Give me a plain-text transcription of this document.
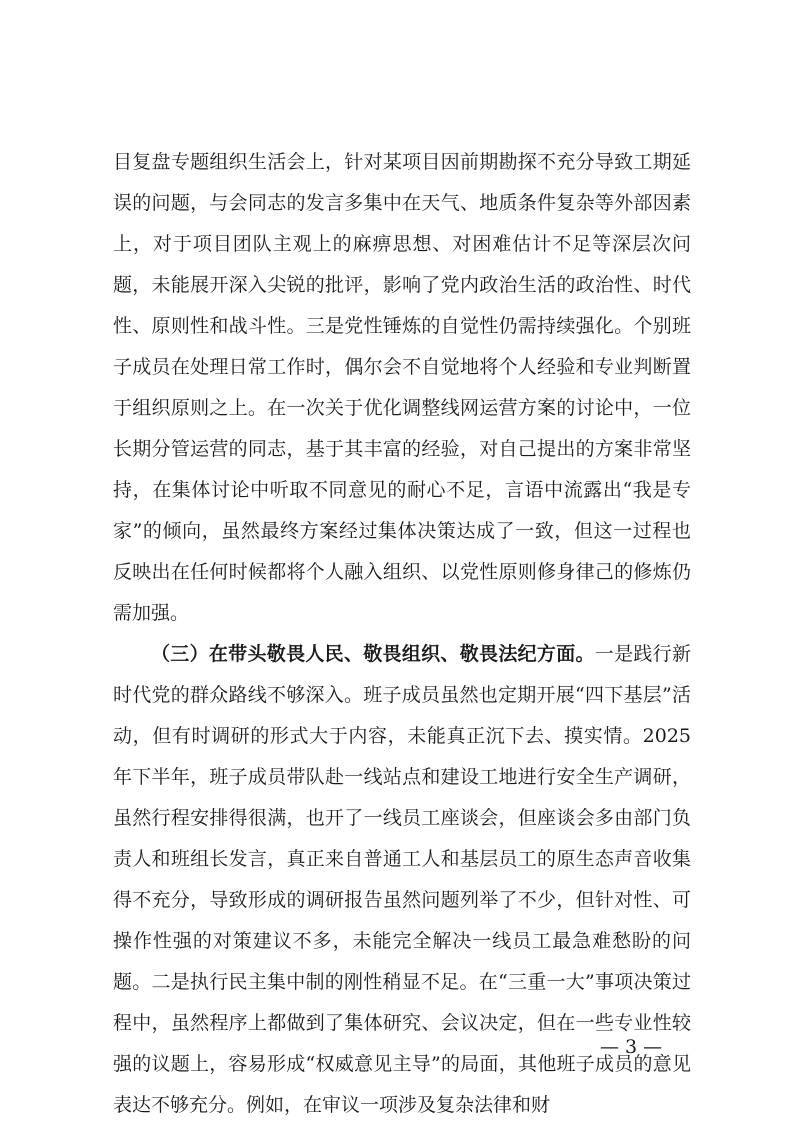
目复盘专题组织生活会上，针对某项目因前期勘探不充分导致工期延误的问题，与会同志的发言多集中在天气、地质条件复杂等外部因素上，对于项目团队主观上的麻痹思想、对困难估计不足等深层次问题，未能展开深入尖锐的批评，影响了党内政治生活的政治性、时代性、原则性和战斗性。三是党性锤炼的自觉性仍需持续强化。个别班子成员在处理日常工作时，偶尔会不自觉地将个人经验和专业判断置于组织原则之上。在一次关于优化调整线网运营方案的讨论中，一位长期分管运营的同志，基于其丰富的经验，对自己提出的方案非常坚持，在集体讨论中听取不同意见的耐心不足，言语中流露出“我是专家”的倾向，虽然最终方案经过集体决策达成了一致，但这一过程也反映出在任何时候都将个人融入组织、以党性原则修身律己的修炼仍需加强。

（三）在带头敬畏人民、敬畏组织、敬畏法纪方面。一是践行新时代党的群众路线不够深入。班子成员虽然也定期开展“四下基层”活动，但有时调研的形式大于内容，未能真正沉下去、摸实情。2025年下半年，班子成员带队赴一线站点和建设工地进行安全生产调研，虽然行程安排得很满，也开了一线员工座谈会，但座谈会多由部门负责人和班组长发言，真正来自普通工人和基层员工的原生态声音收集得不充分，导致形成的调研报告虽然问题列举了不少，但针对性、可操作性强的对策建议不多，未能完全解决一线员工最急难愁盼的问题。二是执行民主集中制的刚性稍显不足。在“三重一大”事项决策过程中，虽然程序上都做到了集体研究、会议决定，但在一些专业性较强的议题上，容易形成“权威意见主导”的局面，其他班子成员的意见表达不够充分。例如，在审议一项涉及复杂法律和财

— 3 —
